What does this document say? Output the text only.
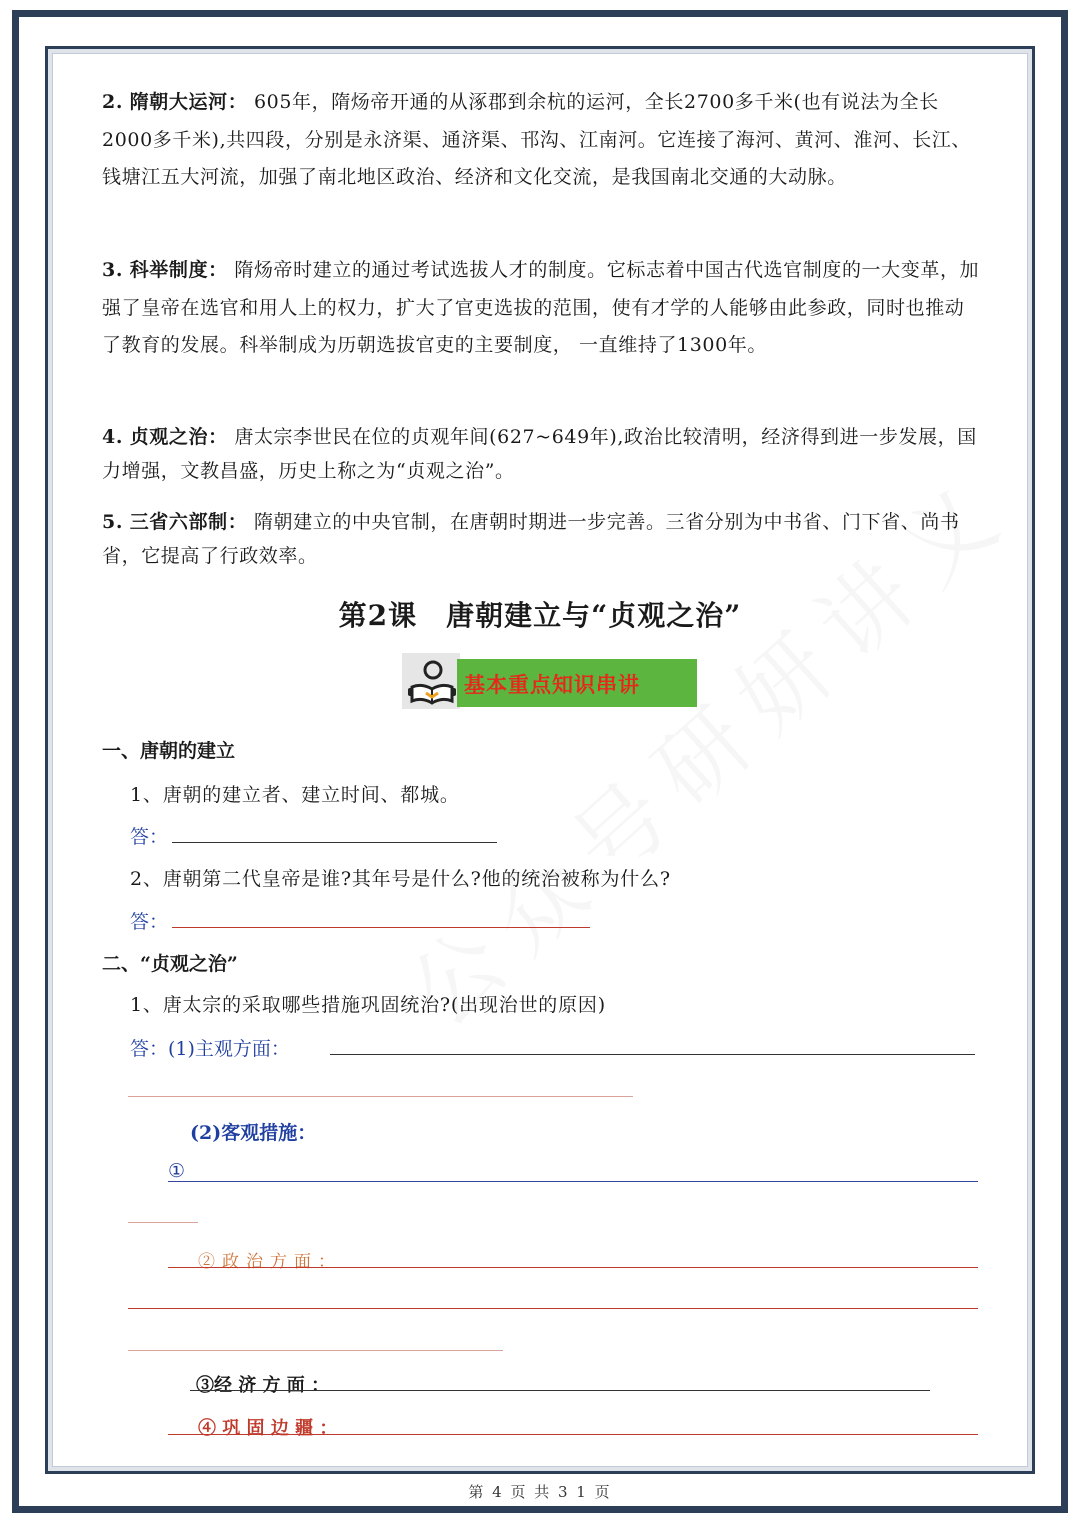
2. 隋朝大运河： 605年，隋炀帝开通的从涿郡到余杭的运河，全长2700多千米(也有说法为全长2000多千米),共四段，分别是永济渠、通济渠、邗沟、江南河。它连接了海河、黄河、淮河、长江、钱塘江五大河流，加强了南北地区政治、经济和文化交流，是我国南北交通的大动脉。
3. 科举制度： 隋炀帝时建立的通过考试选拔人才的制度。它标志着中国古代选官制度的一大变革，加强了皇帝在选官和用人上的权力，扩大了官吏选拔的范围，使有才学的人能够由此参政，同时也推动了教育的发展。科举制成为历朝选拔官吏的主要制度， 一直维持了1300年。
4. 贞观之治： 唐太宗李世民在位的贞观年间(627~649年),政治比较清明，经济得到进一步发展，国力增强，文教昌盛，历史上称之为“贞观之治”。
5. 三省六部制： 隋朝建立的中央官制，在唐朝时期进一步完善。三省分别为中书省、门下省、尚书省，它提高了行政效率。
第2课　唐朝建立与“贞观之治”
基本重点知识串讲
一、唐朝的建立
1、唐朝的建立者、建立时间、都城。
答：
2、唐朝第二代皇帝是谁?其年号是什么?他的统治被称为什么?
答：
二、“贞观之治”
1、唐太宗的采取哪些措施巩固统治?(出现治世的原因)
答：(1)主观方面：
(2)客观措施：
①
② 政 治 方 面 ：
③经 济 方 面 ：
④ 巩 固 边 疆 ：
第 4 页 共 3 1 页
